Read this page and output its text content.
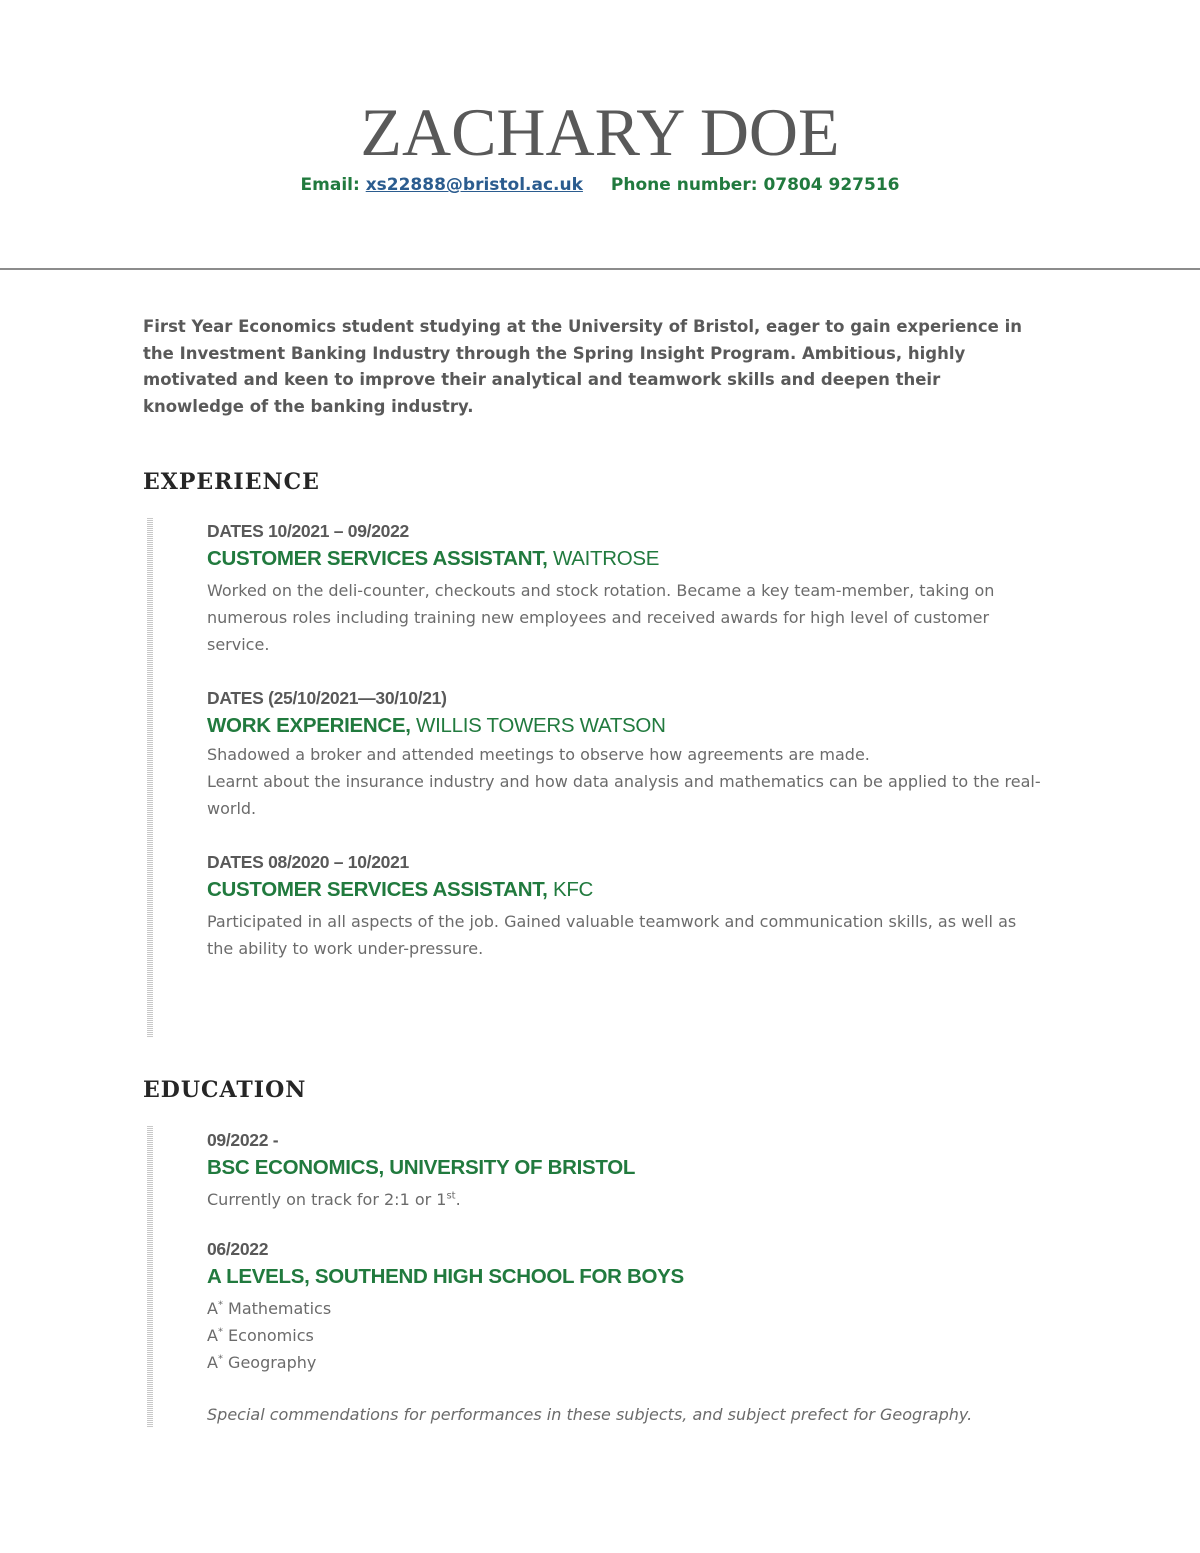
ZACHARY DOE
Email: xs22888@bristol.ac.uk Phone number: 07804 927516
First Year Economics student studying at the University of Bristol, eager to gain experience in the Investment Banking Industry through the Spring Insight Program. Ambitious, highly motivated and keen to improve their analytical and teamwork skills and deepen their knowledge of the banking industry.
EXPERIENCE
DATES 10/2021 – 09/2022
CUSTOMER SERVICES ASSISTANT, WAITROSE

Worked on the deli-counter, checkouts and stock rotation. Became a key team-member, taking on numerous roles including training new employees and received awards for high level of customer service.

DATES (25/10/2021—30/10/21)
WORK EXPERIENCE, WILLIS TOWERS WATSON

Shadowed a broker and attended meetings to observe how agreements are made.

Learnt about the insurance industry and how data analysis and mathematics can be applied to the real-world.

DATES 08/2020 – 10/2021
CUSTOMER SERVICES ASSISTANT, KFC

Participated in all aspects of the job. Gained valuable teamwork and communication skills, as well as the ability to work under-pressure.

EDUCATION
09/2022 -
BSC ECONOMICS, UNIVERSITY OF BRISTOL

Currently on track for 2:1 or 1st.

06/2022
A LEVELS, SOUTHEND HIGH SCHOOL FOR BOYS
A* Mathematics
A* Economics
A* Geography
Special commendations for performances in these subjects, and subject prefect for Geography.
